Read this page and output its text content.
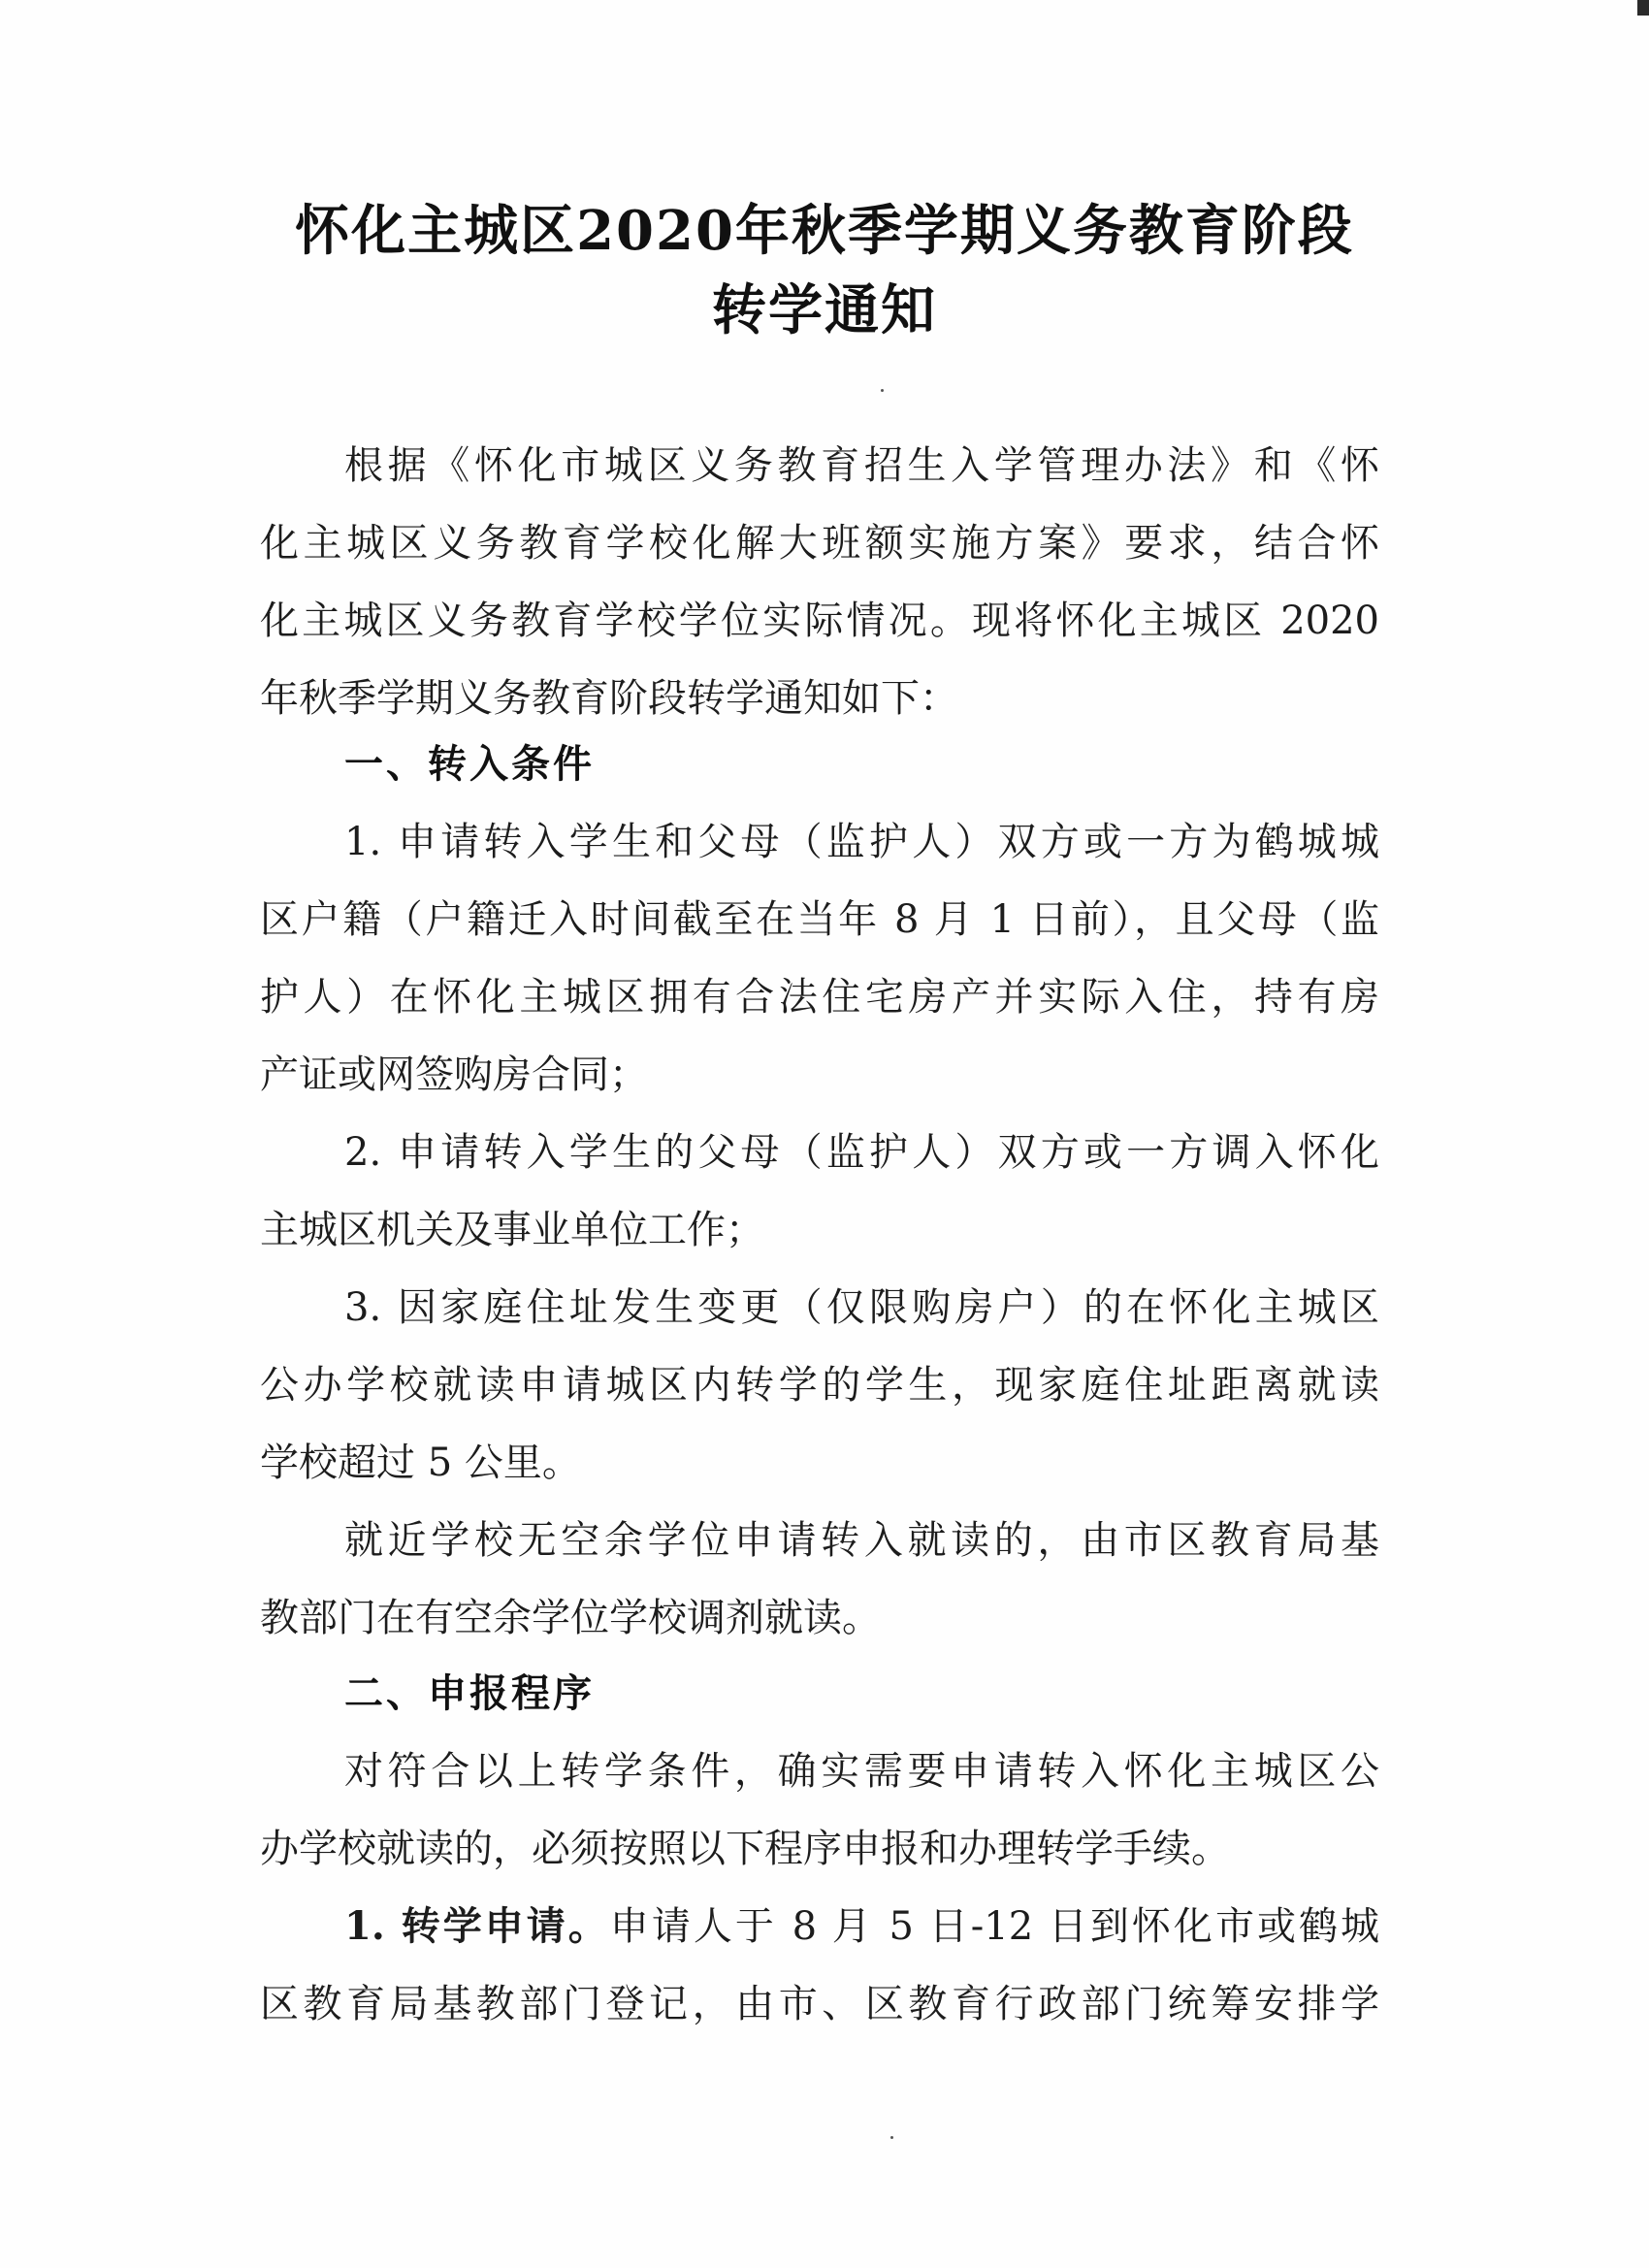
怀化主城区2020年秋季学期义务教育阶段
转学通知

根据《怀化市城区义务教育招生入学管理办法》和《怀

化主城区义务教育学校化解大班额实施方案》要求，结合怀

化主城区义务教育学校学位实际情况。现将怀化主城区 2020

年秋季学期义务教育阶段转学通知如下：

一、转入条件

1. 申请转入学生和父母（监护人）双方或一方为鹤城城

区户籍（户籍迁入时间截至在当年 8 月 1 日前），且父母（监

护人）在怀化主城区拥有合法住宅房产并实际入住，持有房

产证或网签购房合同；

2. 申请转入学生的父母（监护人）双方或一方调入怀化

主城区机关及事业单位工作；

3. 因家庭住址发生变更（仅限购房户）的在怀化主城区

公办学校就读申请城区内转学的学生，现家庭住址距离就读

学校超过 5 公里。

就近学校无空余学位申请转入就读的，由市区教育局基

教部门在有空余学位学校调剂就读。

二、申报程序

对符合以上转学条件，确实需要申请转入怀化主城区公

办学校就读的，必须按照以下程序申报和办理转学手续。

1. 转学申请。申请人于 8 月 5 日-12 日到怀化市或鹤城

区教育局基教部门登记，由市、区教育行政部门统筹安排学
